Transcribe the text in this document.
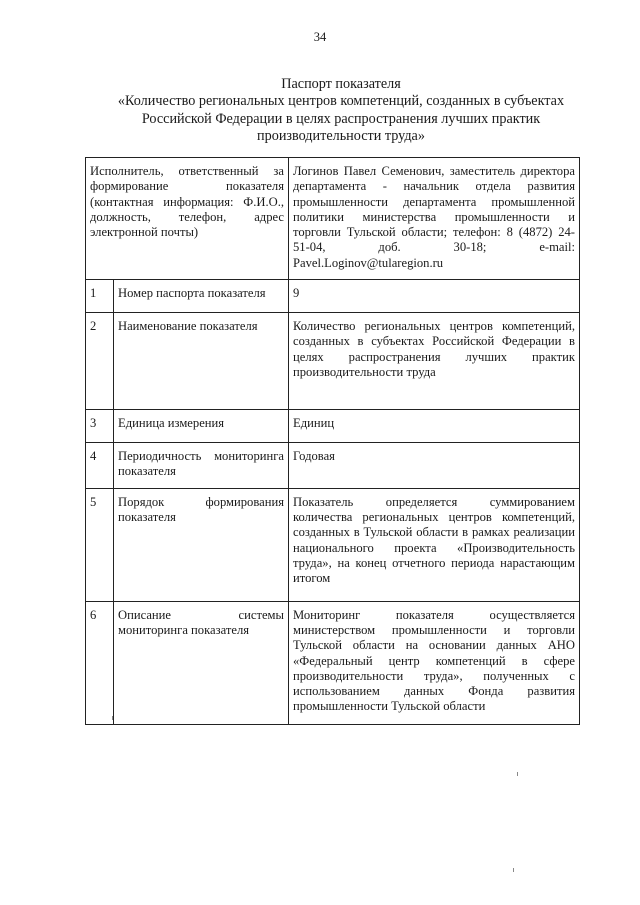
34
Паспорт показателя
«Количество региональных центров компетенций, созданных в субъектах
Российской Федерации в целях распространения лучших практик
производительности труда»
Исполнитель, ответственный за формирование показателя (контактная информация: Ф.И.О., должность, телефон, адрес электронной почты)		Логинов Павел Семенович, заместитель директора департамента - начальник отдела развития промышленности департамента промышленной политики министерства промышленности и торговли Тульской области; телефон: 8 (4872) 24-51-04, доб. 30-18; e-mail: Pavel.Loginov@tularegion.ru
1	Номер паспорта показателя	9
2	Наименование показателя	Количество региональных центров компетенций, созданных в субъектах Российской Федерации в целях распространения лучших практик производительности труда
3	Единица измерения	Единиц
4	Периодичность мониторинга показателя	Годовая
5	Порядок формирования показателя	Показатель определяется суммированием количества региональных центров компетенций, созданных в Тульской области в рамках реализации национального проекта «Производительность труда», на конец отчетного периода нарастающим итогом
6	Описание системы мониторинга показателя	Мониторинг показателя осуществляется министерством промышленности и торговли Тульской области на основании данных АНО «Федеральный центр компетенций в сфере производительности труда», полученных с использованием данных Фонда развития промышленности Тульской области
